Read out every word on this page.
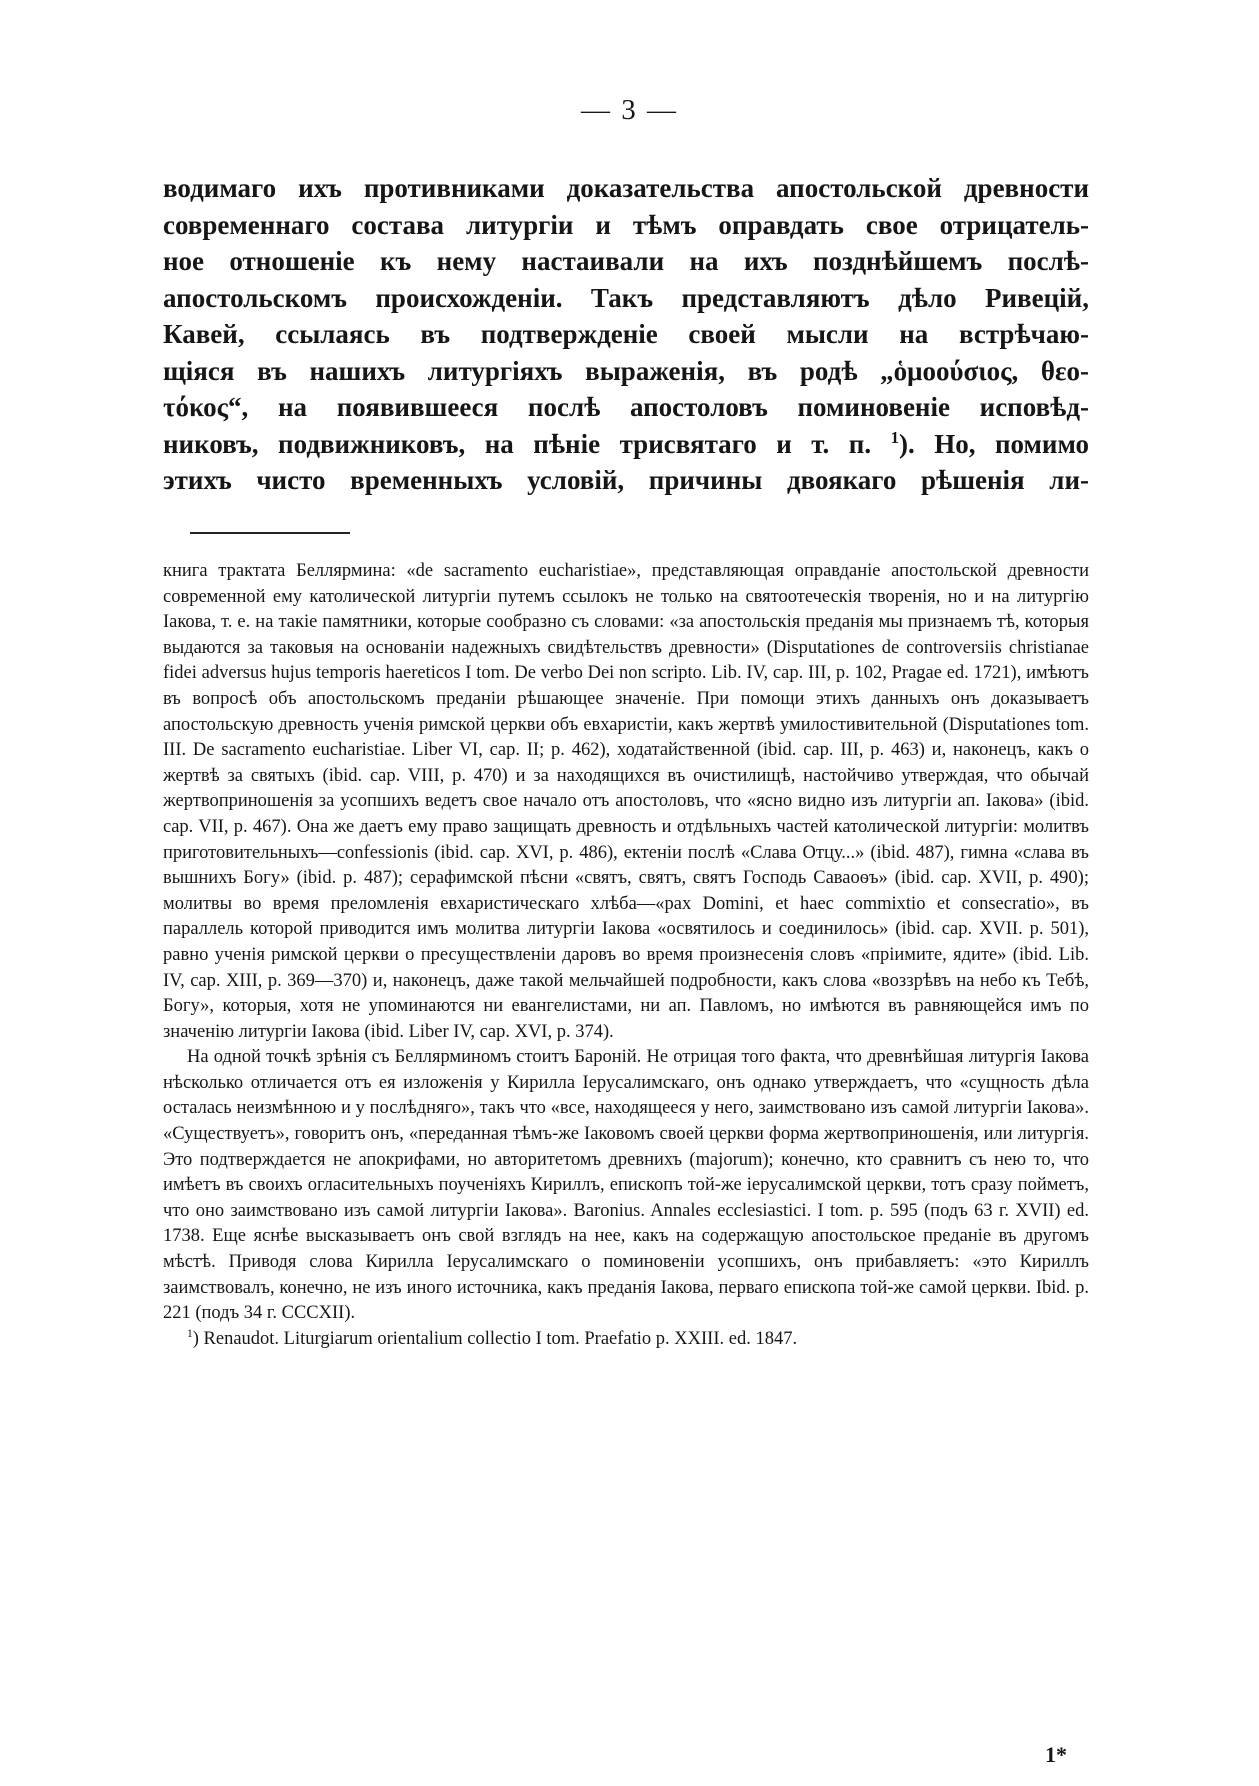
— 3 —

водимаго ихъ противниками доказательства апостольской древности
современнаго состава литургіи и тѣмъ оправдать свое отрицатель-
ное отношеніе къ нему настаивали на ихъ позднѣйшемъ послѣ-
апостольскомъ происхожденіи. Такъ представляютъ дѣло Ривецій,
Кавей, ссылаясь въ подтвержденіе своей мысли на встрѣчаю-
щіяся въ нашихъ литургіяхъ выраженія, въ родѣ „ὁμοούσιος, θεο-
τόκος“, на появившееся послѣ апостоловъ поминовеніе исповѣд-
никовъ, подвижниковъ, на пѣніе трисвятаго и т. п. $^1$). Но, помимо
этихъ чисто временныхъ условій, причины двоякаго рѣшенія ли-

книга трактата Беллярмина: «de sacramento eucharistiae», представляющая оправданіе апостольской древности современной ему католической литургіи путемъ ссылокъ не только на святоотеческія творенія, но и на литургію Іакова, т. е. на такіе памятники, которые сообразно съ словами: «за апостольскія преданія мы признаемъ тѣ, которыя выдаются за таковыя на основаніи надежныхъ свидѣтельствъ древности» (Disputationes de controversiis christianae fidei adversus hujus temporis haereticos I tom. De verbo Dei non scripto. Lib. IV, cap. III, p. 102, Pragae ed. 1721), имѣютъ въ вопросѣ объ апостольскомъ преданіи рѣшающее значеніе. При помощи этихъ данныхъ онъ доказываетъ апостольскую древность ученія римской церкви объ евхаристіи, какъ жертвѣ умилостивительной (Disputationes tom. III. De sacramento eucharistiae. Liber VI, cap. II; p. 462), ходатайственной (ibid. cap. III, p. 463) и, наконецъ, какъ о жертвѣ за святыхъ (ibid. cap. VIII, p. 470) и за находящихся въ очистилищѣ, настойчиво утверждая, что обычай жертвоприношенія за усопшихъ ведетъ свое начало отъ апостоловъ, что «ясно видно изъ литургіи ап. Іакова» (ibid. cap. VII, p. 467). Она же даетъ ему право защищать древность и отдѣльныхъ частей католической литургіи: молитвъ приготовительныхъ—confessionis (ibid. cap. XVI, p. 486), ектеніи послѣ «Слава Отцу...» (ibid. 487), гимна «слава въ вышнихъ Богу» (ibid. p. 487); серафимской пѣсни «святъ, святъ, святъ Господь Саваоѳъ» (ibid. cap. XVII, p. 490); молитвы во время преломленія евхаристическаго хлѣба—«pax Domini, et haec commixtio et consecratio», въ параллель которой приводится имъ молитва литургіи Іакова «освятилось и соединилось» (ibid. cap. XVII. p. 501), равно ученія римской церкви о пресуществленіи даровъ во время произнесенія словъ «пріимите, ядите» (ibid. Lib. IV, cap. XIII, p. 369—370) и, наконецъ, даже такой мельчайшей подробности, какъ слова «воззрѣвъ на небо къ Тебѣ, Богу», которыя, хотя не упоминаются ни евангелистами, ни ап. Павломъ, но имѣются въ равняющейся имъ по значенію литургіи Іакова (ibid. Liber IV, cap. XVI, p. 374).

На одной точкѣ зрѣнія съ Беллярминомъ стоитъ Бароній. Не отрицая того факта, что древнѣйшая литургія Іакова нѣсколько отличается отъ ея изложенія у Кирилла Іерусалимскаго, онъ однако утверждаетъ, что «сущность дѣла осталась неизмѣнною и у послѣдняго», такъ что «все, находящееся у него, заимствовано изъ самой литургіи Іакова». «Существуетъ», говоритъ онъ, «переданная тѣмъ-же Іаковомъ своей церкви форма жертвоприношенія, или литургія. Это подтверждается не апокрифами, но авторитетомъ древнихъ (majorum); конечно, кто сравнитъ съ нею то, что имѣетъ въ своихъ огласительныхъ поученіяхъ Кириллъ, епископъ той-же іерусалимской церкви, тотъ сразу пойметъ, что оно заимствовано изъ самой литургіи Іакова». Baronius. Annales ecclesiastici. I tom. p. 595 (подъ 63 г. XVII) ed. 1738. Еще яснѣе высказываетъ онъ свой взглядъ на нее, какъ на содержащую апостольское преданіе въ другомъ мѣстѣ. Приводя слова Кирилла Іерусалимскаго о поминовеніи усопшихъ, онъ прибавляетъ: «это Кириллъ заимствовалъ, конечно, не изъ иного источника, какъ преданія Іакова, перваго епископа той-же самой церкви. Ibid. p. 221 (подъ 34 г. CCCXII).

$^1$) Renaudot. Liturgiarum orientalium collectio I tom. Praefatio p. XXIII. ed. 1847.

1*
